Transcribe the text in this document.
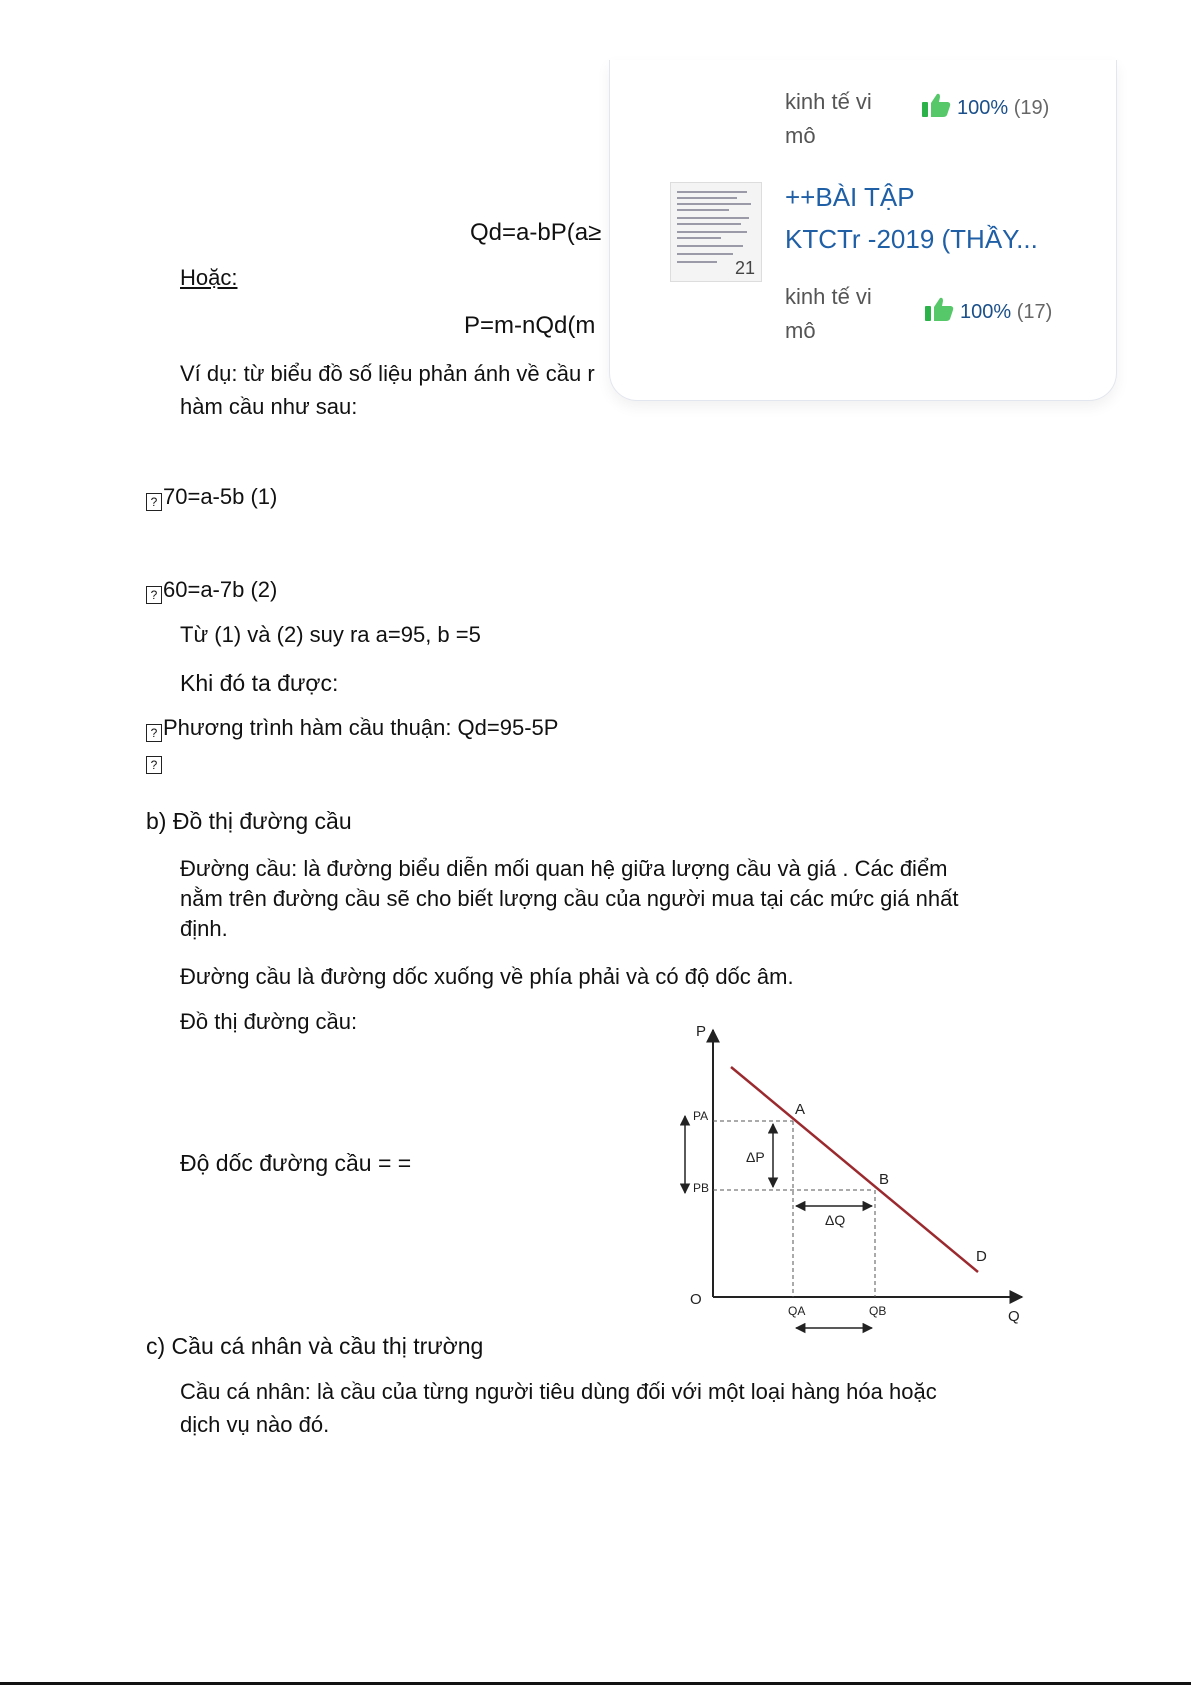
Qd=a-bP(a≥
Hoặc:
P=m-nQd(m
Ví dụ: từ biểu đồ số liệu phản ánh về cầu r
hàm cầu như sau:
? 70=a-5b (1)
? 60=a-7b (2)
Từ (1) và (2) suy ra a=95, b =5
Khi đó ta được:
? Phương trình hàm cầu thuận: Qd=95-5P
?
b) Đồ thị đường cầu
Đường cầu: là đường biểu diễn mối quan hệ giữa lượng cầu và giá . Các điểm
nằm trên đường cầu sẽ cho biết lượng cầu của người mua tại các mức giá nhất
định.
Đường cầu là đường dốc xuống về phía phải và có độ dốc âm.
Đồ thị đường cầu:
Độ dốc đường cầu = =
c) Cầu cá nhân và cầu thị trường
Cầu cá nhân: là cầu của từng người tiêu dùng đối với một loại hàng hóa hoặc
dịch vụ nào đó.
P
Q
O
A
B
D
PA
PB
QA	QB
ΔP
ΔQ
kinh tế vi
mô
100% (19)
21
++BÀI TẬP
KTCTr -2019 (THẦY...
kinh tế vi
mô
100% (17)
